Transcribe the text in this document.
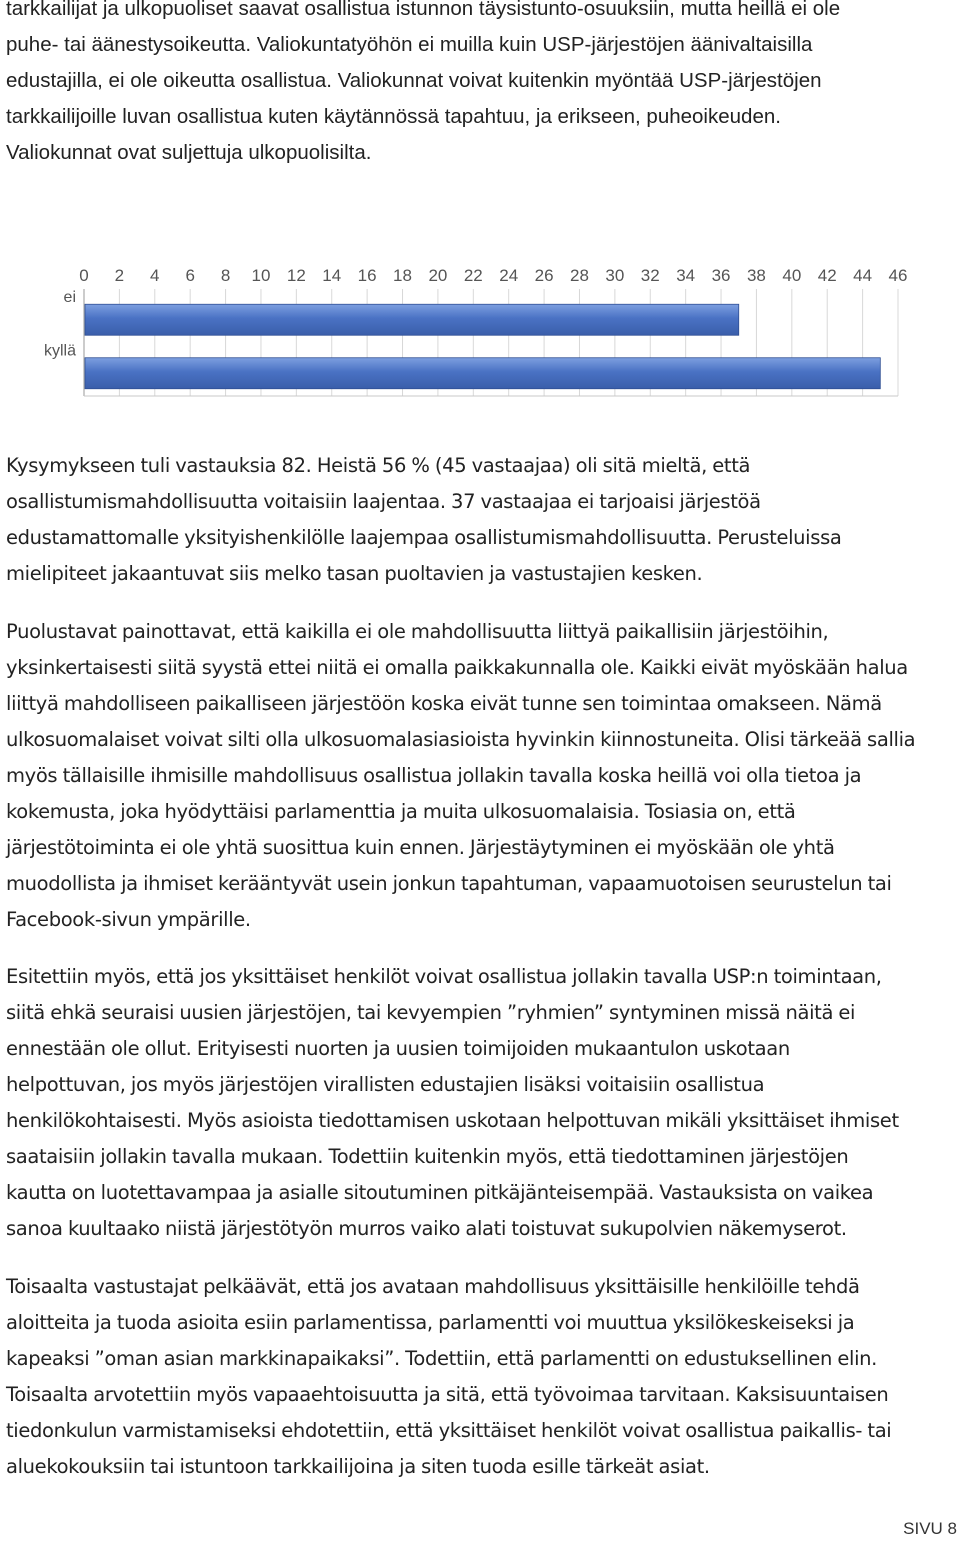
tarkkailijat ja ulkopuoliset saavat osallistua istunnon täysistunto-osuuksiin, mutta heillä ei ole
puhe- tai äänestysoikeutta. Valiokuntatyöhön ei muilla kuin USP-järjestöjen äänivaltaisilla
edustajilla, ei ole oikeutta osallistua. Valiokunnat voivat kuitenkin myöntää USP-järjestöjen
tarkkailijoille luvan osallistua kuten käytännössä tapahtuu, ja erikseen, puheoikeuden.
Valiokunnat ovat suljettuja ulkopuolisilta.
0 2 4 6 8 10 12 14 16 18 20 22 24 26 28 30 32 34 36 38 40 42 44 46
ei
kyllä
Kysymykseen tuli vastauksia 82. Heistä 56 % (45 vastaajaa) oli sitä mieltä, että
osallistumismahdollisuutta voitaisiin laajentaa. 37 vastaajaa ei tarjoaisi järjestöä
edustamattomalle yksityishenkilölle laajempaa osallistumismahdollisuutta. Perusteluissa
mielipiteet jakaantuvat siis melko tasan puoltavien ja vastustajien kesken.
Puolustavat painottavat, että kaikilla ei ole mahdollisuutta liittyä paikallisiin järjestöihin,
yksinkertaisesti siitä syystä ettei niitä ei omalla paikkakunnalla ole. Kaikki eivät myöskään halua
liittyä mahdolliseen paikalliseen järjestöön koska eivät tunne sen toimintaa omakseen. Nämä
ulkosuomalaiset voivat silti olla ulkosuomalasiasioista hyvinkin kiinnostuneita. Olisi tärkeää sallia
myös tällaisille ihmisille mahdollisuus osallistua jollakin tavalla koska heillä voi olla tietoa ja
kokemusta, joka hyödyttäisi parlamenttia ja muita ulkosuomalaisia. Tosiasia on, että
järjestötoiminta ei ole yhtä suosittua kuin ennen. Järjestäytyminen ei myöskään ole yhtä
muodollista ja ihmiset kerääntyvät usein jonkun tapahtuman, vapaamuotoisen seurustelun tai
Facebook-sivun ympärille.
Esitettiin myös, että jos yksittäiset henkilöt voivat osallistua jollakin tavalla USP:n toimintaan,
siitä ehkä seuraisi uusien järjestöjen, tai kevyempien ”ryhmien” syntyminen missä näitä ei
ennestään ole ollut. Erityisesti nuorten ja uusien toimijoiden mukaantulon uskotaan
helpottuvan, jos myös järjestöjen virallisten edustajien lisäksi voitaisiin osallistua
henkilökohtaisesti. Myös asioista tiedottamisen uskotaan helpottuvan mikäli yksittäiset ihmiset
saataisiin jollakin tavalla mukaan. Todettiin kuitenkin myös, että tiedottaminen järjestöjen
kautta on luotettavampaa ja asialle sitoutuminen pitkäjänteisempää. Vastauksista on vaikea
sanoa kuultaako niistä järjestötyön murros vaiko alati toistuvat sukupolvien näkemyserot.
Toisaalta vastustajat pelkäävät, että jos avataan mahdollisuus yksittäisille henkilöille tehdä
aloitteita ja tuoda asioita esiin parlamentissa, parlamentti voi muuttua yksilökeskeiseksi ja
kapeaksi ”oman asian markkinapaikaksi”. Todettiin, että parlamentti on edustuksellinen elin.
Toisaalta arvotettiin myös vapaaehtoisuutta ja sitä, että työvoimaa tarvitaan. Kaksisuuntaisen
tiedonkulun varmistamiseksi ehdotettiin, että yksittäiset henkilöt voivat osallistua paikallis- tai
aluekokouksiin tai istuntoon tarkkailijoina ja siten tuoda esille tärkeät asiat.
SIVU 8
